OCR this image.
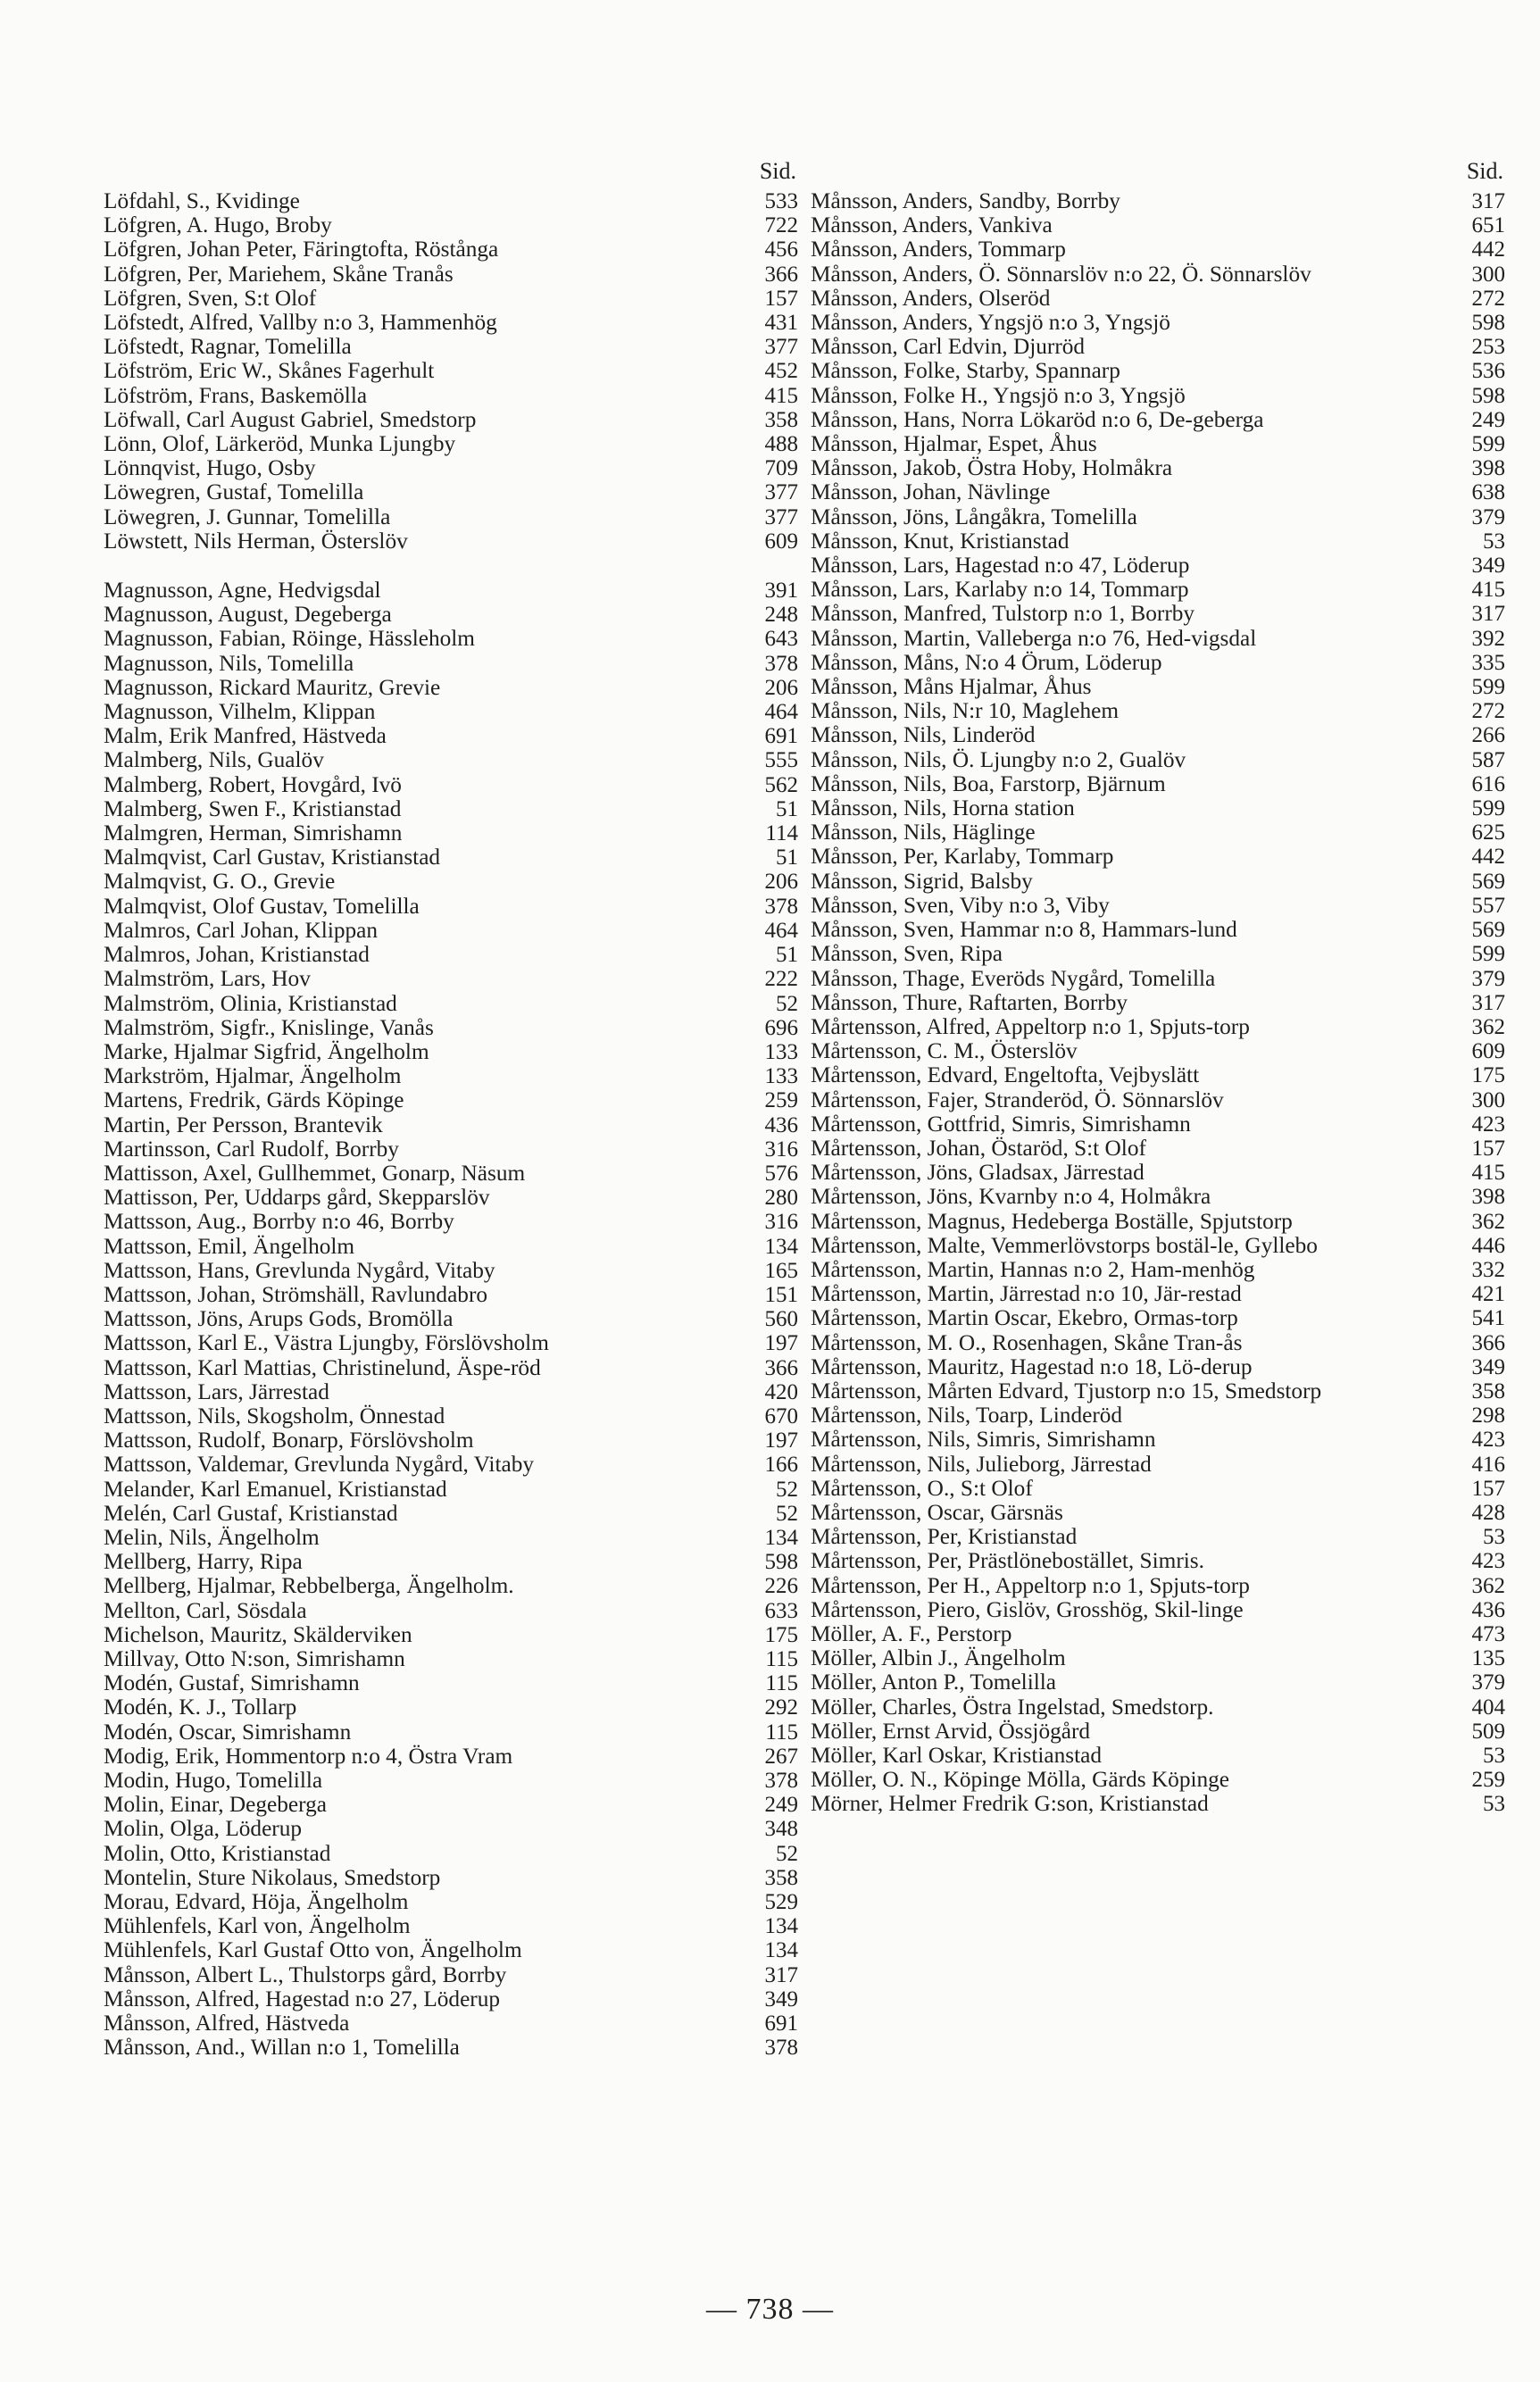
Sid.
Löfdahl, S., Kvidinge	533
Löfgren, A. Hugo, Broby	722
Löfgren, Johan Peter, Färingtofta, Röstånga	456
Löfgren, Per, Mariehem, Skåne Tranås	366
Löfgren, Sven, S:t Olof	157
Löfstedt, Alfred, Vallby n:o 3, Hammenhög	431
Löfstedt, Ragnar, Tomelilla	377
Löfström, Eric W., Skånes Fagerhult	452
Löfström, Frans, Baskemölla	415
Löfwall, Carl August Gabriel, Smedstorp	358
Lönn, Olof, Lärkeröd, Munka Ljungby	488
Lönnqvist, Hugo, Osby	709
Löwegren, Gustaf, Tomelilla	377
Löwegren, J. Gunnar, Tomelilla	377
Löwstett, Nils Herman, Österslöv	609
Magnusson, Agne, Hedvigsdal	391
Magnusson, August, Degeberga	248
Magnusson, Fabian, Röinge, Hässleholm	643
Magnusson, Nils, Tomelilla	378
Magnusson, Rickard Mauritz, Grevie	206
Magnusson, Vilhelm, Klippan	464
Malm, Erik Manfred, Hästveda	691
Malmberg, Nils, Gualöv	555
Malmberg, Robert, Hovgård, Ivö	562
Malmberg, Swen F., Kristianstad	51
Malmgren, Herman, Simrishamn	114
Malmqvist, Carl Gustav, Kristianstad	51
Malmqvist, G. O., Grevie	206
Malmqvist, Olof Gustav, Tomelilla	378
Malmros, Carl Johan, Klippan	464
Malmros, Johan, Kristianstad	51
Malmström, Lars, Hov	222
Malmström, Olinia, Kristianstad	52
Malmström, Sigfr., Knislinge, Vanås	696
Marke, Hjalmar Sigfrid, Ängelholm	133
Markström, Hjalmar, Ängelholm	133
Martens, Fredrik, Gärds Köpinge	259
Martin, Per Persson, Brantevik	436
Martinsson, Carl Rudolf, Borrby	316
Mattisson, Axel, Gullhemmet, Gonarp, Näsum	576
Mattisson, Per, Uddarps gård, Skepparslöv	280
Mattsson, Aug., Borrby n:o 46, Borrby	316
Mattsson, Emil, Ängelholm	134
Mattsson, Hans, Grevlunda Nygård, Vitaby	165
Mattsson, Johan, Strömshäll, Ravlundabro	151
Mattsson, Jöns, Arups Gods, Bromölla	560
Mattsson, Karl E., Västra Ljungby, Förslövsholm	197
Mattsson, Karl Mattias, Christinelund, Äspe-röd	366
Mattsson, Lars, Järrestad	420
Mattsson, Nils, Skogsholm, Önnestad	670
Mattsson, Rudolf, Bonarp, Förslövsholm	197
Mattsson, Valdemar, Grevlunda Nygård, Vitaby	166
Melander, Karl Emanuel, Kristianstad	52
Melén, Carl Gustaf, Kristianstad	52
Melin, Nils, Ängelholm	134
Mellberg, Harry, Ripa	598
Mellberg, Hjalmar, Rebbelberga, Ängelholm.	226
Mellton, Carl, Sösdala	633
Michelson, Mauritz, Skälderviken	175
Millvay, Otto N:son, Simrishamn	115
Modén, Gustaf, Simrishamn	115
Modén, K. J., Tollarp	292
Modén, Oscar, Simrishamn	115
Modig, Erik, Hommentorp n:o 4, Östra Vram	267
Modin, Hugo, Tomelilla	378
Molin, Einar, Degeberga	249
Molin, Olga, Löderup	348
Molin, Otto, Kristianstad	52
Montelin, Sture Nikolaus, Smedstorp	358
Morau, Edvard, Höja, Ängelholm	529
Mühlenfels, Karl von, Ängelholm	134
Mühlenfels, Karl Gustaf Otto von, Ängelholm	134
Månsson, Albert L., Thulstorps gård, Borrby	317
Månsson, Alfred, Hagestad n:o 27, Löderup	349
Månsson, Alfred, Hästveda	691
Månsson, And., Willan n:o 1, Tomelilla	378
Sid.
Månsson, Anders, Sandby, Borrby	317
Månsson, Anders, Vankiva	651
Månsson, Anders, Tommarp	442
Månsson, Anders, Ö. Sönnarslöv n:o 22, Ö. Sönnarslöv	300
Månsson, Anders, Olseröd	272
Månsson, Anders, Yngsjö n:o 3, Yngsjö	598
Månsson, Carl Edvin, Djurröd	253
Månsson, Folke, Starby, Spannarp	536
Månsson, Folke H., Yngsjö n:o 3, Yngsjö	598
Månsson, Hans, Norra Lökaröd n:o 6, De-geberga	249
Månsson, Hjalmar, Espet, Åhus	599
Månsson, Jakob, Östra Hoby, Holmåkra	398
Månsson, Johan, Nävlinge	638
Månsson, Jöns, Långåkra, Tomelilla	379
Månsson, Knut, Kristianstad	53
Månsson, Lars, Hagestad n:o 47, Löderup	349
Månsson, Lars, Karlaby n:o 14, Tommarp	415
Månsson, Manfred, Tulstorp n:o 1, Borrby	317
Månsson, Martin, Valleberga n:o 76, Hed-vigsdal	392
Månsson, Måns, N:o 4 Örum, Löderup	335
Månsson, Måns Hjalmar, Åhus	599
Månsson, Nils, N:r 10, Maglehem	272
Månsson, Nils, Linderöd	266
Månsson, Nils, Ö. Ljungby n:o 2, Gualöv	587
Månsson, Nils, Boa, Farstorp, Bjärnum	616
Månsson, Nils, Horna station	599
Månsson, Nils, Häglinge	625
Månsson, Per, Karlaby, Tommarp	442
Månsson, Sigrid, Balsby	569
Månsson, Sven, Viby n:o 3, Viby	557
Månsson, Sven, Hammar n:o 8, Hammars-lund	569
Månsson, Sven, Ripa	599
Månsson, Thage, Everöds Nygård, Tomelilla	379
Månsson, Thure, Raftarten, Borrby	317
Mårtensson, Alfred, Appeltorp n:o 1, Spjuts-torp	362
Mårtensson, C. M., Österslöv	609
Mårtensson, Edvard, Engeltofta, Vejbyslätt	175
Mårtensson, Fajer, Stranderöd, Ö. Sönnarslöv	300
Mårtensson, Gottfrid, Simris, Simrishamn	423
Mårtensson, Johan, Östaröd, S:t Olof	157
Mårtensson, Jöns, Gladsax, Järrestad	415
Mårtensson, Jöns, Kvarnby n:o 4, Holmåkra	398
Mårtensson, Magnus, Hedeberga Boställe, Spjutstorp	362
Mårtensson, Malte, Vemmerlövstorps bostäl-le, Gyllebo	446
Mårtensson, Martin, Hannas n:o 2, Ham-menhög	332
Mårtensson, Martin, Järrestad n:o 10, Jär-restad	421
Mårtensson, Martin Oscar, Ekebro, Ormas-torp	541
Mårtensson, M. O., Rosenhagen, Skåne Tran-ås	366
Mårtensson, Mauritz, Hagestad n:o 18, Lö-derup	349
Mårtensson, Mårten Edvard, Tjustorp n:o 15, Smedstorp	358
Mårtensson, Nils, Toarp, Linderöd	298
Mårtensson, Nils, Simris, Simrishamn	423
Mårtensson, Nils, Julieborg, Järrestad	416
Mårtensson, O., S:t Olof	157
Mårtensson, Oscar, Gärsnäs	428
Mårtensson, Per, Kristianstad	53
Mårtensson, Per, Prästlönebostället, Simris.	423
Mårtensson, Per H., Appeltorp n:o 1, Spjuts-torp	362
Mårtensson, Piero, Gislöv, Grosshög, Skil-linge	436
Möller, A. F., Perstorp	473
Möller, Albin J., Ängelholm	135
Möller, Anton P., Tomelilla	379
Möller, Charles, Östra Ingelstad, Smedstorp.	404
Möller, Ernst Arvid, Össjögård	509
Möller, Karl Oskar, Kristianstad	53
Möller, O. N., Köpinge Mölla, Gärds Köpinge	259
Mörner, Helmer Fredrik G:son, Kristianstad	53
— 738 —
